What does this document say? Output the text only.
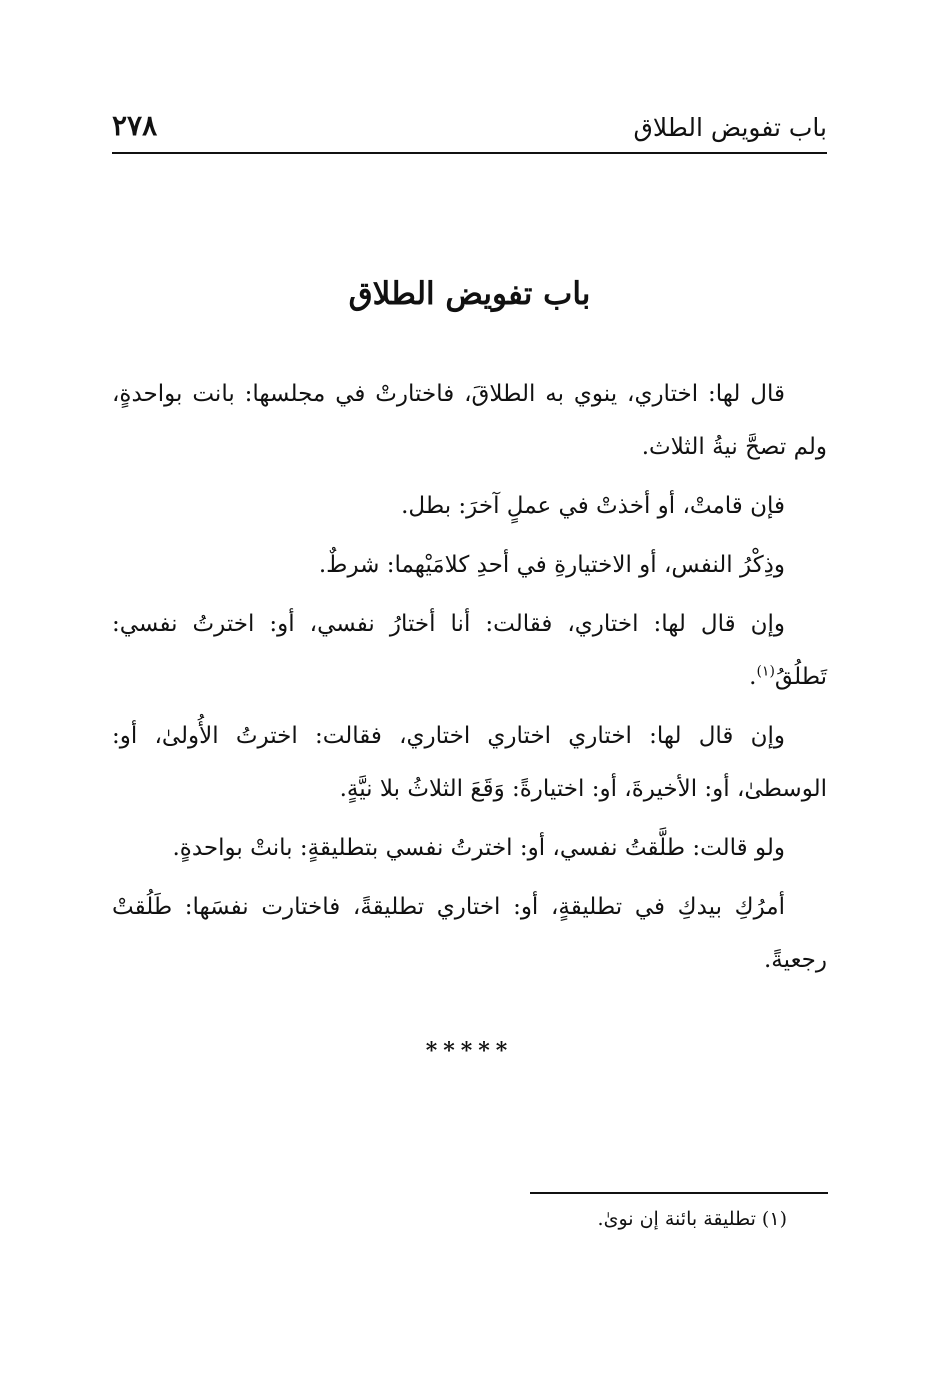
باب تفويض الطلاق
٢٧٨
باب تفويض الطلاق

قال لها: اختاري، ينوي به الطلاقَ، فاختارتْ في مجلسها: بانت بواحدةٍ، ولم تصحَّ نيةُ الثلاث.

فإن قامتْ، أو أخذتْ في عملٍ آخرَ: بطل.

وذِكْرُ النفس، أو الاختيارةِ في أحدِ كلامَيْهما: شرطٌ.

وإن قال لها: اختاري، فقالت: أنا أختارُ نفسي، أو: اخترتُ نفسي: تَطلُقُ$^{(١)}$.

وإن قال لها: اختاري اختاري اختاري، فقالت: اخترتُ الأُولىٰ، أو: الوسطىٰ، أو: الأخيرةَ، أو: اختيارةً: وَقَعَ الثلاثُ بلا نيَّةٍ.

ولو قالت: طلَّقتُ نفسي، أو: اخترتُ نفسي بتطليقةٍ: بانتْ بواحدةٍ.

أمرُكِ بيدكِ في تطليقةٍ، أو: اختاري تطليقةً، فاختارت نفسَها: طَلُقتْ رجعيةً.

*****
(١) تطليقة بائنة إن نوىٰ.
